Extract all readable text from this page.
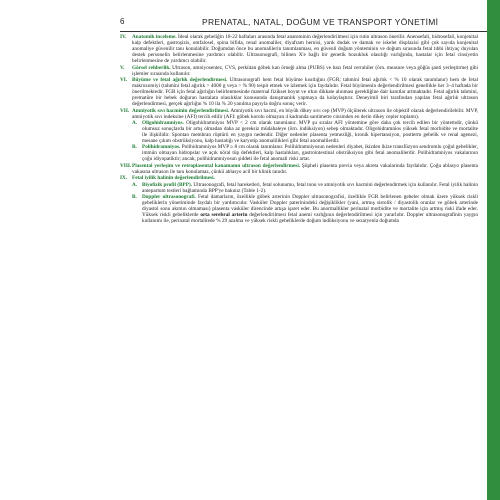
6	PRENATAL, NATAL, DOĞUM VE TRANSPORT YÖNETİMİ
IV. Anatomik inceleme. İdeal olarak gebeliğin 18-22 haftaları arasında fetal anatominin değerlendirilmesi için rutin ultrason önerilir. Anensefali, hidrosefali, konjenital kalp defektleri, gastroşizis, omfalosel, spina bifida, renal anomaliler, diyafram hernisi, yarık dudak ve damak ve iskelet displazisi gibi çok sayıda konjenital anomaliye güvenilir tanı konulabilir. Doğumdan önce bu anomalilerin tanımlanması, en güvenli doğum yönteminin ve doğum sırasında fetal tıbbi ihtiyaç duyulan destek personelin belirlenmesine yardımcı olabilir. Ultrasonografi, bilinen X'e bağlı bir genetik bozukluk olasılığı varlığında, hastalar için fetal cinsiyetin belirlenmesine de yardımcı olabilir.
V. Görsel rehberlik. Ultrason, amniyosentez, CVS, perkütan göbek kan örneği alma (PUBS) ve bazı fetal cerrahiler (örn. measure veya göğüs şanti yerleştirme) gibi işlemler sırasında kullanılır.
VI. Büyüme ve fetal ağırlık değerlendirmesi. Ultrasonografi hem fetal büyüme kısıtlığını (FGR; tahmini fetal ağırlık < % 10 olarak tanımlanır) hem de fetal makrozomiyi (tahmini fetal ağırlık > 4000 g veya > % 90) tespit etmek ve izlemek için faydalıdır. Fetal büyümenin değerlendirilmesi genellikle her 3–4 haftada bir önerilmektedir. FGR için fetal ağırlığın belirlenmesinde maternal fizikset boyut ve ırkın dikkate alınması gerekliğine dair kanıtlar artmaktadır. Fetal ağırlık tahmini, prematüre bir bebek doğuran hastalara olasılıklar konusunda danışmanlık yapmaya da kolaylaştırır. Deneyimli biri tarafından yapılan fetal ağırlık ultrason değerlendirmesi, gerçek ağırlığın % 10 ila % 20 yanılma payıyla doğru sonuç verir.
VII. Amniyotik sıvı hacminin değerlendirilmesi. Amniyotik sıvı hacmi, en büyük dikey sıvı cep (MVP) ölçülerek ultrason ile objektif olarak değerlendirilebilir. MVP, amniyotik sıvı indeksine (AFI) tercih edilir (AFI: göbek korolu olmayan 4 kadranda santimetre cinsinden en derin dikey cepler toplamı).
A. Oligohidramniyos. Oligohidramniyos MVP < 2 cm olarak tanımlanır. MVP şu sıralar AFI yöntemine göre daha çok tercih edilen bir yöntemdir, çünkü olumsuz sonuçlarda bir artış olmadan daha az gereksiz müdahaleye (örn. indüksiyon) sebep olmaktadır. Oligohidramnios yüksek fetal morbidite ve mortalite ile ilişkilidir. Spontan membran rüptürü en yaygın nedendir. Diğer nedenler plasenta yetmezliği, kronik hipertansiyon, postterm gebelik ve renal agenezi, mesane çıkım obstrüksiyonu, kalp hastalığı ve karyotip anomalilikleri gibi fetal anomalilerdir.
B. Polihidramniyos. Polihidramniyos MVP ≥ 8 cm olarak tanımlanır. Polihidramniyosun nedenleri diyabet, ikizden ikize transfüzyon sendromlu çoğul gebelikler, immün olmayan hidropslar ve açık nöral tüp defektleri, kalp hastalıkları, gastrointestinal obstrüksiyon gibi fetal anomalilerdir. Polihidramniyos vakalarının çoğu idiyopatiktir; ancak, polihidramniyosun şiddeti ile fetal anomali riski artar.
VIII. Plasental yerleşim ve retroplasental kanamanın ultrason değerlendirmesi. Şüpheli plasenta previa veya akreta vakalarında faydalıdır. Çoğu ablasyo plasenta vakasına ultrason ile tanı konulamaz, çünkü ablasyo acil bir klinik tanıdır.
IX. Fetal iyilik halinin değerlendirilmesi.
A. Biyofizik profil (BPP). Ultrasonografi, fetal hareketleri, fetal solunumu, fetal tonu ve amniyotik sıvı hacmini değerlendirmek için kullanılır. Fetal iyilik halinin antepartum testleri bağlamında BPP'ye bakınız (Table 1-2).
B. Doppler ultrasonografi. Fetal damarların, özellikle göbek arterinin Doppler ultrasonografisi, özellikle FGR belirlenen gebeler olmak üzere yüksek riskli gebeliklerin yönetiminde faydalı bir yardımcıdır. Vasküler Doppler paterinindeki değişiklikler (yani, artmış sistolik / diyastolik oranlar ve göbek arterinde diyastol sonu akımın olmaması) plasenta vasküler direncinde artışa işaret eder. Bu anormallikler perinatal morbidite ve mortalite için artmış riski ifade eder. Yüksek riskli gebeliklerde orta serebral arterin değerlendirilmesi fetal anemi varlığının değerlendirilmesi için yararlıdır. Doppler ultrasonografinin yaygın kullanımı ile, perinatal mortalitede % 29 azalma ve yüksek riskli gebeliklerde doğum indüksiyonu ve sezaryenla doğumda
